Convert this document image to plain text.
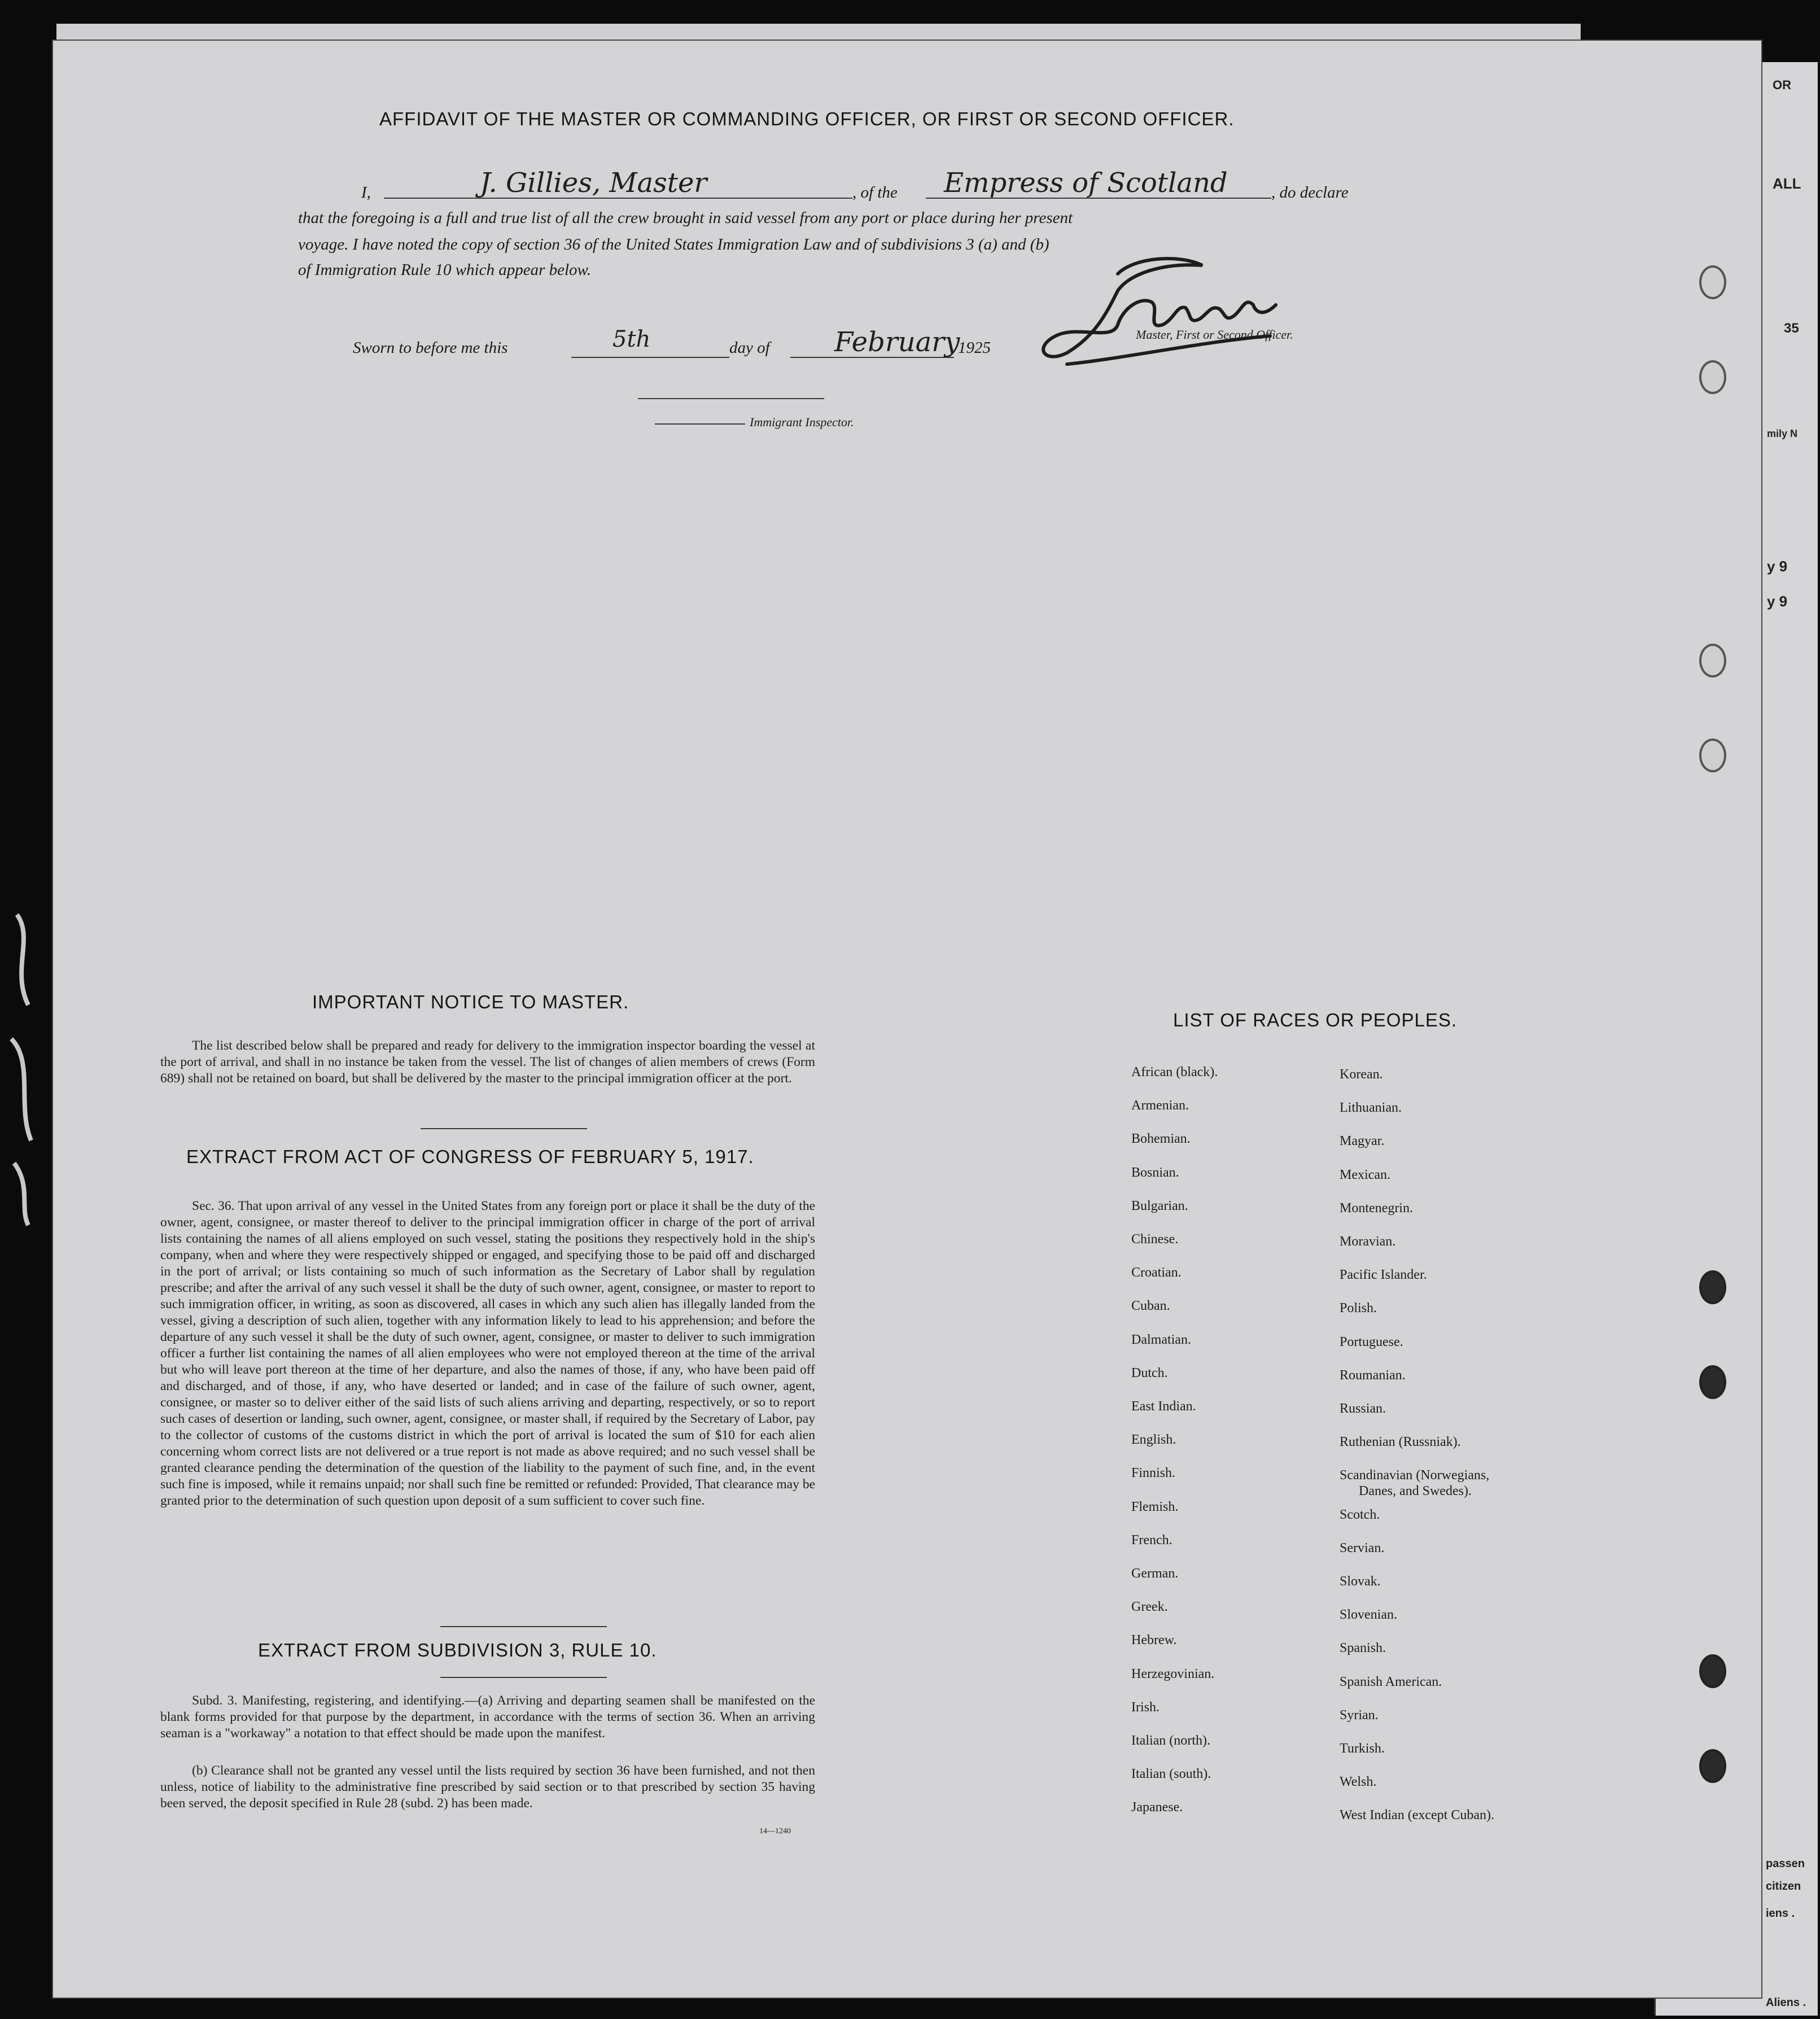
OR
ALL
35
mily N
y 9
y 9
passen
citizen
iens .
Aliens .
AFFIDAVIT OF THE MASTER OR COMMANDING OFFICER, OR FIRST OR SECOND OFFICER.
I,	J. Gillies, Master	, of the Empress of Scotland	, do declare
that the foregoing is a full and true list of all the crew brought in said vessel from any port or place during her present
voyage. I have noted the copy of section 36 of the United States Immigration Law and of subdivisions 3 (a) and (b)
of Immigration Rule 10 which appear below.
Sworn to before me this	5th	day of February
1925
Master, First or Second Officer.
Immigrant Inspector.
IMPORTANT NOTICE TO MASTER.
The list described below shall be prepared and ready for delivery to the immigration inspector boarding the vessel at the port of arrival, and shall in no instance be taken from the vessel. The list of changes of alien members of crews (Form 689) shall not be retained on board, but shall be delivered by the master to the principal immigration officer at the port.
EXTRACT FROM ACT OF CONGRESS OF FEBRUARY 5, 1917.
Sec. 36. That upon arrival of any vessel in the United States from any foreign port or place it shall be the duty of the owner, agent, consignee, or master thereof to deliver to the principal immigration officer in charge of the port of arrival lists containing the names of all aliens employed on such vessel, stating the positions they respectively hold in the ship's company, when and where they were respectively shipped or engaged, and specifying those to be paid off and discharged in the port of arrival; or lists containing so much of such information as the Secretary of Labor shall by regulation prescribe; and after the arrival of any such vessel it shall be the duty of such owner, agent, consignee, or master to report to such immigration officer, in writing, as soon as discovered, all cases in which any such alien has illegally landed from the vessel, giving a description of such alien, together with any information likely to lead to his apprehension; and before the departure of any such vessel it shall be the duty of such owner, agent, consignee, or master to deliver to such immigration officer a further list containing the names of all alien employees who were not employed thereon at the time of the arrival but who will leave port thereon at the time of her departure, and also the names of those, if any, who have been paid off and discharged, and of those, if any, who have deserted or landed; and in case of the failure of such owner, agent, consignee, or master so to deliver either of the said lists of such aliens arriving and departing, respectively, or so to report such cases of desertion or landing, such owner, agent, consignee, or master shall, if required by the Secretary of Labor, pay to the collector of customs of the customs district in which the port of arrival is located the sum of $10 for each alien concerning whom correct lists are not delivered or a true report is not made as above required; and no such vessel shall be granted clearance pending the determination of the question of the liability to the payment of such fine, and, in the event such fine is imposed, while it remains unpaid; nor shall such fine be remitted or refunded: Provided, That clearance may be granted prior to the determination of such question upon deposit of a sum sufficient to cover such fine.
EXTRACT FROM SUBDIVISION 3, RULE 10.
Subd. 3. Manifesting, registering, and identifying.—(a) Arriving and departing seamen shall be manifested on the blank forms provided for that purpose by the department, in accordance with the terms of section 36. When an arriving seaman is a "workaway" a notation to that effect should be made upon the manifest.
(b) Clearance shall not be granted any vessel until the lists required by section 36 have been furnished, and not then unless, notice of liability to the administrative fine prescribed by said section or to that prescribed by section 35 having been served, the deposit specified in Rule 28 (subd. 2) has been made.
14—1240
LIST OF RACES OR PEOPLES.
African (black).
Armenian.
Bohemian.
Bosnian.
Bulgarian.
Chinese.
Croatian.
Cuban.
Dalmatian.
Dutch.
East Indian.
English.
Finnish.
Flemish.
French.
German.
Greek.
Hebrew.
Herzegovinian.
Irish.
Italian (north).
Italian (south).
Japanese.
Korean.
Lithuanian.
Magyar.
Mexican.
Montenegrin.
Moravian.
Pacific Islander.
Polish.
Portuguese.
Roumanian.
Russian.
Ruthenian (Russniak).
Scandinavian (Norwegians,
Danes, and Swedes).
Scotch.
Servian.
Slovak.
Slovenian.
Spanish.
Spanish American.
Syrian.
Turkish.
Welsh.
West Indian (except Cuban).
